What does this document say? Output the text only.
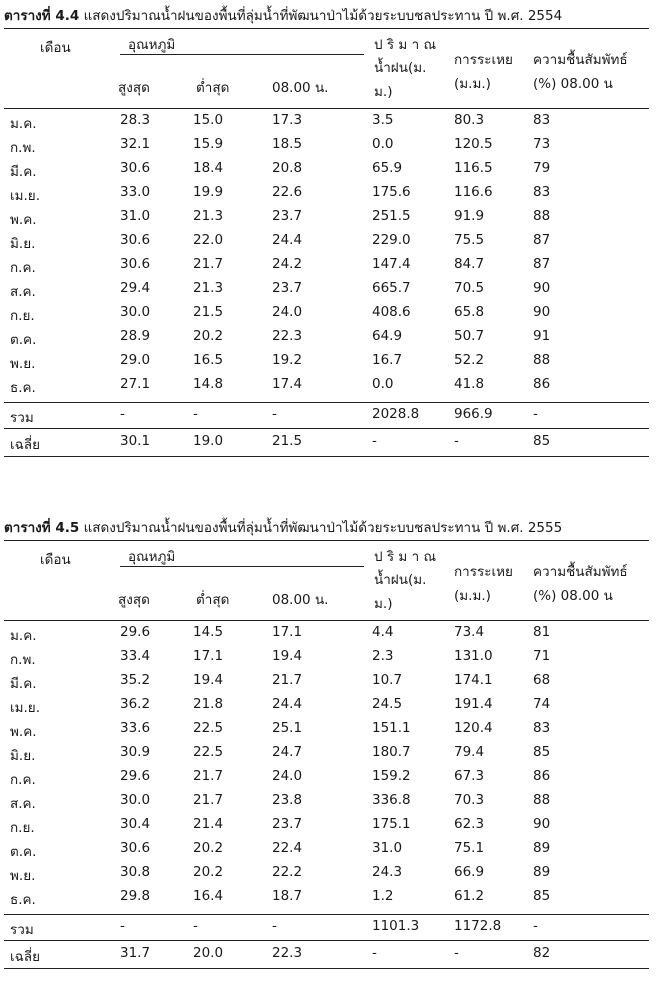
ตารางที่ 4.4 แสดงปริมาณน้ำฝนของพื้นที่ลุ่มน้ำที่พัฒนาป่าไม้ด้วยระบบชลประทาน ปี พ.ศ. 2554
เดือน	อุณหภูมิ
สูงสุด	ต่ำสุด	08.00 น.
ป ริ ม า ณ
น้ำฝน(ม.
ม.)
การระเหย
(ม.ม.)
ความชื้นสัมพัทธ์
(%) 08.00 น
ม.ค.	28.3	15.0	17.3	3.5	80.3	83
ก.พ.	32.1	15.9	18.5	0.0	120.5	73
มี.ค.	30.6	18.4	20.8	65.9	116.5	79
เม.ย.	33.0	19.9	22.6	175.6	116.6	83
พ.ค.	31.0	21.3	23.7	251.5	91.9	88
มิ.ย.	30.6	22.0	24.4	229.0	75.5	87
ก.ค.	30.6	21.7	24.2	147.4	84.7	87
ส.ค.	29.4	21.3	23.7	665.7	70.5	90
ก.ย.	30.0	21.5	24.0	408.6	65.8	90
ต.ค.	28.9	20.2	22.3	64.9	50.7	91
พ.ย.	29.0	16.5	19.2	16.7	52.2	88
ธ.ค.	27.1	14.8	17.4	0.0	41.8	86
รวม	-	-	-	2028.8	966.9	-
เฉลี่ย	30.1	19.0	21.5	-	-	85
ตารางที่ 4.5 แสดงปริมาณน้ำฝนของพื้นที่ลุ่มน้ำที่พัฒนาป่าไม้ด้วยระบบชลประทาน ปี พ.ศ. 2555
เดือน	อุณหภูมิ
สูงสุด	ต่ำสุด	08.00 น.
ป ริ ม า ณ
น้ำฝน(ม.
ม.)
การระเหย
(ม.ม.)
ความชื้นสัมพัทธ์
(%) 08.00 น
ม.ค.	29.6	14.5	17.1	4.4	73.4	81
ก.พ.	33.4	17.1	19.4	2.3	131.0	71
มี.ค.	35.2	19.4	21.7	10.7	174.1	68
เม.ย.	36.2	21.8	24.4	24.5	191.4	74
พ.ค.	33.6	22.5	25.1	151.1	120.4	83
มิ.ย.	30.9	22.5	24.7	180.7	79.4	85
ก.ค.	29.6	21.7	24.0	159.2	67.3	86
ส.ค.	30.0	21.7	23.8	336.8	70.3	88
ก.ย.	30.4	21.4	23.7	175.1	62.3	90
ต.ค.	30.6	20.2	22.4	31.0	75.1	89
พ.ย.	30.8	20.2	22.2	24.3	66.9	89
ธ.ค.	29.8	16.4	18.7	1.2	61.2	85
รวม	-	-	-	1101.3	1172.8 -
เฉลี่ย	31.7	20.0	22.3	-	-	82
